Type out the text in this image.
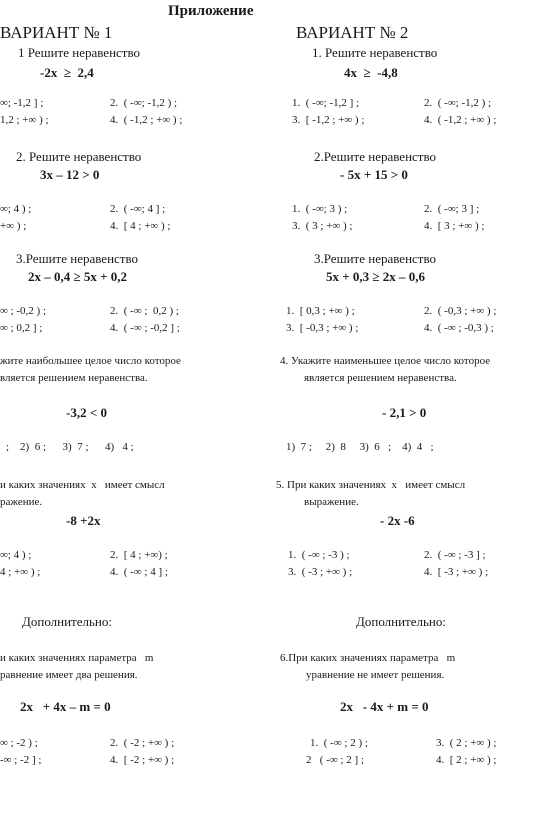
Приложение
ВАРИАНТ № 1
1 Решите неравенство
-2х  ≥  2,4
∞; -1,2 ] ;	2.  ( -∞; -1,2 ) ;
1,2 ; +∞ ) ;	4.  ( -1,2 ; +∞ ) ;
2. Решите неравенство
3х – 12 > 0
∞; 4 ) ;	2.  ( -∞; 4 ] ;
+∞ ) ;	4.  [ 4 ; +∞ ) ;
3.Решите неравенство
2х – 0,4 ≥ 5х + 0,2
∞ ; -0,2 ) ;	2.  ( -∞ ;  0,2 ) ;
∞ ; 0,2 ] ;	4.  ( -∞ ; -0,2 ] ;
жите наибольшее целое число которое
вляется решением неравенства.
-3,2 < 0
;    2)  6 ;      3)  7 ;      4)   4 ;
и каких значениях  х   имеет смысл
ражение.
-8 +2х
∞; 4 ) ;	2.  [ 4 ; +∞) ;
4 ; +∞ ) ;	4.  ( -∞ ; 4 ] ;
Дополнительно:
и каких значениях параметра   m
равнение имеет два решения.
2х   + 4х – m = 0
∞ ; -2 ) ;	2.  ( -2 ; +∞ ) ;
-∞ ; -2 ] ;	4.  [ -2 ; +∞ ) ;
ВАРИАНТ № 2
1. Решите неравенство
4х  ≥  -4,8
1.  ( -∞; -1,2 ] ;	2.  ( -∞; -1,2 ) ;
3.  [ -1,2 ; +∞ ) ;	4.  ( -1,2 ; +∞ ) ;
2.Решите неравенство
- 5х + 15 > 0
1.  ( -∞; 3 ) ;	2.  ( -∞; 3 ] ;
3.  ( 3 ; +∞ ) ;	4.  [ 3 ; +∞ ) ;
3.Решите неравенство
5х + 0,3 ≥ 2х – 0,6
1.  [ 0,3 ; +∞ ) ;	2.  ( -0,3 ; +∞ ) ;
3.  [ -0,3 ; +∞ ) ;	4.  ( -∞ ; -0,3 ) ;
4. Укажите наименьшее целое число которое
является решением неравенства.
- 2,1 > 0
1)  7 ;     2)  8     3)  6   ;    4)  4   ;
5. При каких значениях  х   имеет смысл
выражение.
- 2х -6
1.  ( -∞ ; -3 ) ;	2.  ( -∞ ; -3 ] ;
3.  ( -3 ; +∞ ) ;	4.  [ -3 ; +∞ ) ;
Дополнительно:
6.При каких значениях параметра   m
уравнение не имеет решения.
2х   - 4х + m = 0
1.  ( -∞ ; 2 ) ;	3.  ( 2 ; +∞ ) ;
2   ( -∞ ; 2 ] ;	4.  [ 2 ; +∞ ) ;
